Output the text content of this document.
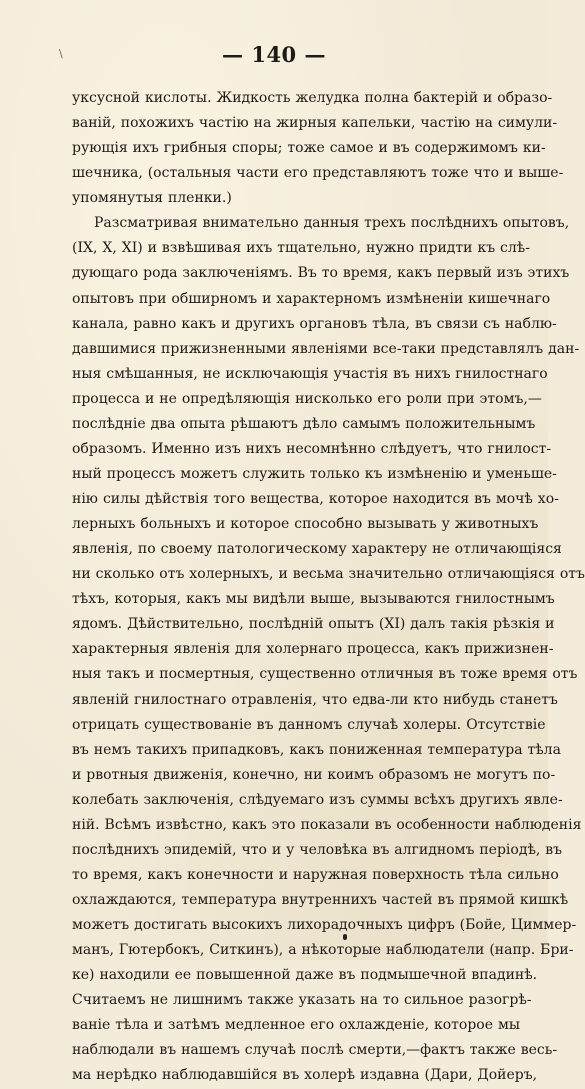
\	— 140 —
уксусной кислоты. Жидкость желудка полна бактерій и образо-
ваній, похожихъ частію на жирныя капельки, частію на симули-
рующія ихъ грибныя споры; тоже самое и въ содержимомъ ки-
шечника, (остальныя части его представляютъ тоже что и выше-
упомянутыя пленки.)
Разсматривая внимательно данныя трехъ послѣднихъ опытовъ,
(IX, X, XI) и взвѣшивая ихъ тщательно, нужно придти къ слѣ-
дующаго рода заключеніямъ. Въ то время, какъ первый изъ этихъ
опытовъ при обширномъ и характерномъ измѣненіи кишечнаго
канала, равно какъ и другихъ органовъ тѣла, въ связи съ наблю-
давшимися прижизненными явленіями все-таки представлялъ дан-
ныя смѣшанныя, не исключающія участія въ нихъ гнилостнаго
процесса и не опредѣляющія нисколько его роли при этомъ,—
послѣдніе два опыта рѣшаютъ дѣло самымъ положительнымъ
образомъ. Именно изъ нихъ несомнѣнно слѣдуетъ, что гнилост-
ный процессъ можетъ служить только къ измѣненію и уменьше-
нію силы дѣйствія того вещества, которое находится въ мочѣ хо-
лерныхъ больныхъ и которое способно вызывать у животныхъ
явленія, по своему патологическому характеру не отличающіяся
ни сколько отъ холерныхъ, и весьма значительно отличающіяся отъ
тѣхъ, которыя, какъ мы видѣли выше, вызываются гнилостнымъ
ядомъ. Дѣйствительно, послѣдній опытъ (XI) далъ такія рѣзкія и
характерныя явленія для холернаго процесса, какъ прижизнен-
ныя такъ и посмертныя, существенно отличныя въ тоже время отъ
явленій гнилостнаго отравленія, что едва-ли кто нибудь станетъ
отрицать существованіе въ данномъ случаѣ холеры. Отсутствіе
въ немъ такихъ припадковъ, какъ пониженная температура тѣла
и рвотныя движенія, конечно, ни коимъ образомъ не могутъ по-
колебать заключенія, слѣдуемаго изъ суммы всѣхъ другихъ явле-
ній. Всѣмъ извѣстно, какъ это показали въ особенности наблюденія
послѣднихъ эпидемій, что и у человѣка въ алгидномъ періодѣ, въ
то время, какъ конечности и наружная поверхность тѣла сильно
охлаждаются, температура внутреннихъ частей въ прямой кишкѣ
можетъ достигать высокихъ лихорадочныхъ цифръ (Бойе, Циммер-
манъ, Гютербокъ, Ситкинъ), а нѣкоторые наблюдатели (напр. Бри-
ке) находили ее повышенной даже въ подмышечной впадинѣ.
Считаемъ не лишнимъ также указать на то сильное разогрѣ-
ваніе тѣла и затѣмъ медленное его охлажденіе, которое мы
наблюдали въ нашемъ случаѣ послѣ смерти,—фактъ также весь-
ма нерѣдко наблюдавшійся въ холерѣ издавна (Дари, Дойеръ,
